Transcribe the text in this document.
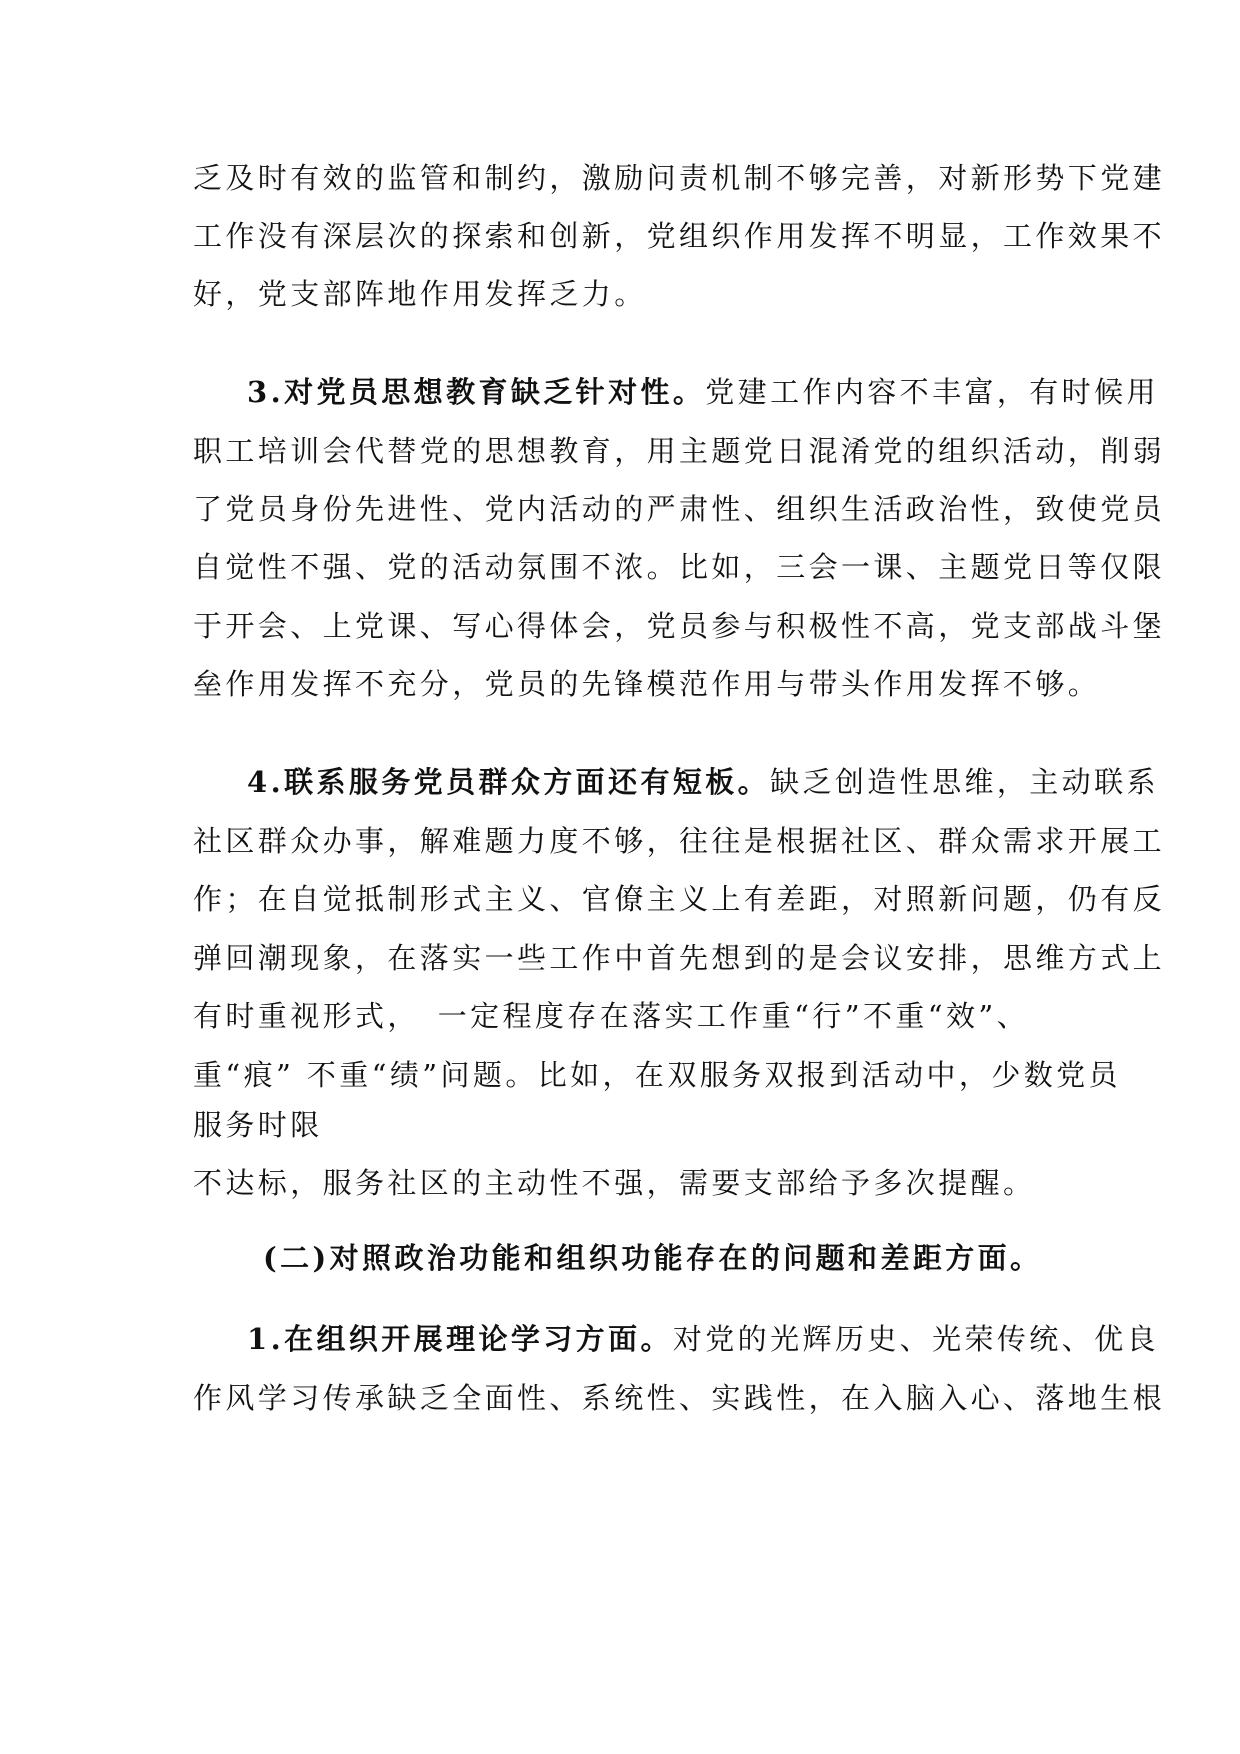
乏及时有效的监管和制约，激励问责机制不够完善，对新形势下党建
工作没有深层次的探索和创新，党组织作用发挥不明显，工作效果不
好，党支部阵地作用发挥乏力。
3.对党员思想教育缺乏针对性。党建工作内容不丰富，有时候用
职工培训会代替党的思想教育，用主题党日混淆党的组织活动，削弱
了党员身份先进性、党内活动的严肃性、组织生活政治性，致使党员
自觉性不强、党的活动氛围不浓。比如，三会一课、主题党日等仅限
于开会、上党课、写心得体会，党员参与积极性不高，党支部战斗堡
垒作用发挥不充分，党员的先锋模范作用与带头作用发挥不够。
4.联系服务党员群众方面还有短板。缺乏创造性思维，主动联系
社区群众办事，解难题力度不够，往往是根据社区、群众需求开展工
作；在自觉抵制形式主义、官僚主义上有差距，对照新问题，仍有反
弹回潮现象，在落实一些工作中首先想到的是会议安排，思维方式上
有时重视形式，　一定程度存在落实工作重“行”不重“效”、
重“痕” 不重“绩”问题。比如，在双服务双报到活动中，少数党员
服务时限
不达标，服务社区的主动性不强，需要支部给予多次提醒。
(二)对照政治功能和组织功能存在的问题和差距方面。
1.在组织开展理论学习方面。对党的光辉历史、光荣传统、优良
作风学习传承缺乏全面性、系统性、实践性，在入脑入心、落地生根
